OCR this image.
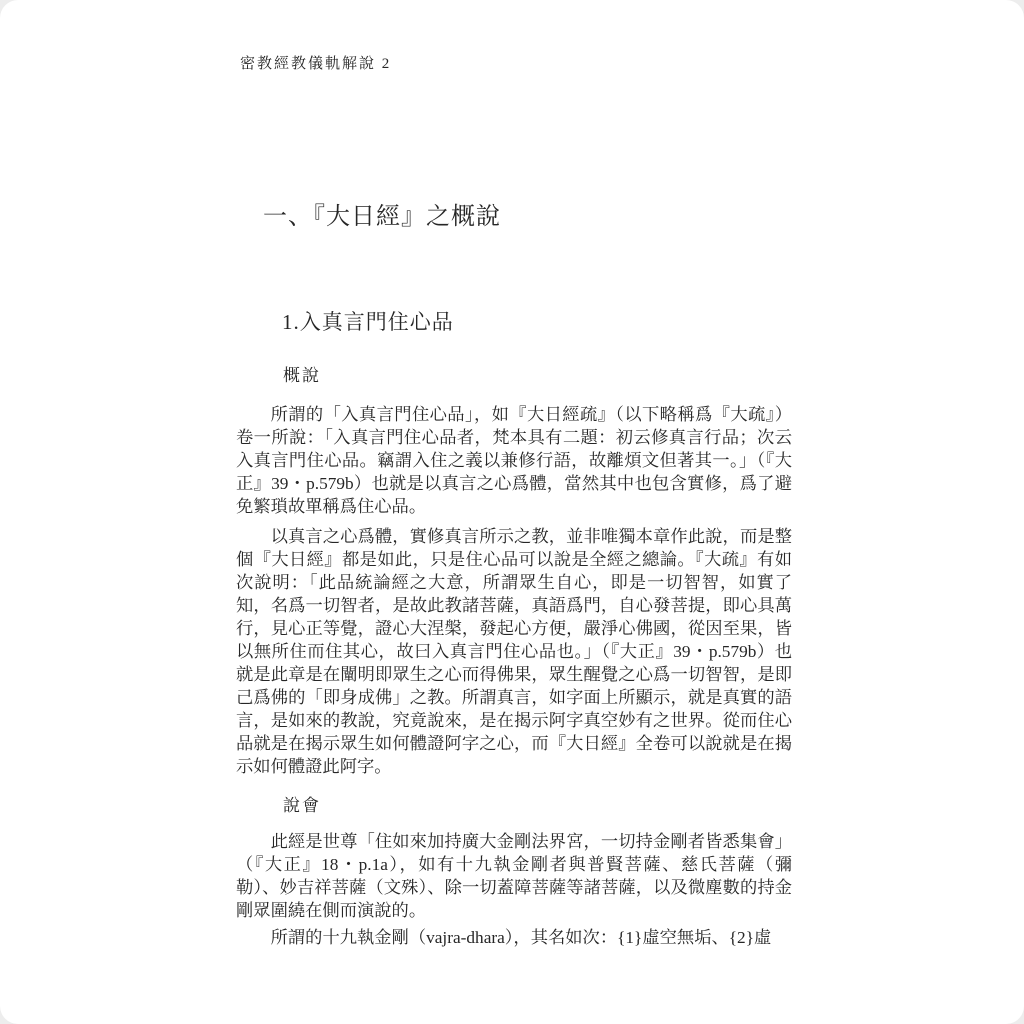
密教經教儀軌解說 2
一、『大日經』之概說
1.入真言門住心品
概說

所謂的「入真言門住心品」，如『大日經疏』（以下略稱爲『大疏』）卷一所說：「入真言門住心品者，梵本具有二題：初云修真言行品；次云入真言門住心品。竊謂入住之義以兼修行語，故離煩文但著其一。」（『大正』39・p.579b）也就是以真言之心爲體，當然其中也包含實修，爲了避免繁瑣故單稱爲住心品。

以真言之心爲體，實修真言所示之教，並非唯獨本章作此說，而是整個『大日經』都是如此，只是住心品可以說是全經之總論。『大疏』有如次說明：「此品統論經之大意，所謂眾生自心，即是一切智智，如實了知，名爲一切智者，是故此教諸菩薩，真語爲門，自心發菩提，即心具萬行，見心正等覺，證心大涅槃，發起心方便，嚴淨心佛國，從因至果，皆以無所住而住其心，故曰入真言門住心品也。」（『大正』39・p.579b）也就是此章是在闡明即眾生之心而得佛果，眾生醒覺之心爲一切智智，是即己爲佛的「即身成佛」之教。所謂真言，如字面上所顯示，就是真實的語言，是如來的教說，究竟說來，是在揭示阿字真空妙有之世界。從而住心品就是在揭示眾生如何體證阿字之心，而『大日經』全卷可以說就是在揭示如何體證此阿字。

說會

此經是世尊「住如來加持廣大金剛法界宮，一切持金剛者皆悉集會」（『大正』18・p.1a），如有十九執金剛者與普賢菩薩、慈氏菩薩（彌勒）、妙吉祥菩薩（文殊）、除一切蓋障菩薩等諸菩薩，以及微塵數的持金剛眾圍繞在側而演說的。

所謂的十九執金剛（vajra-dhara），其名如次：{1}虛空無垢、{2}虛
